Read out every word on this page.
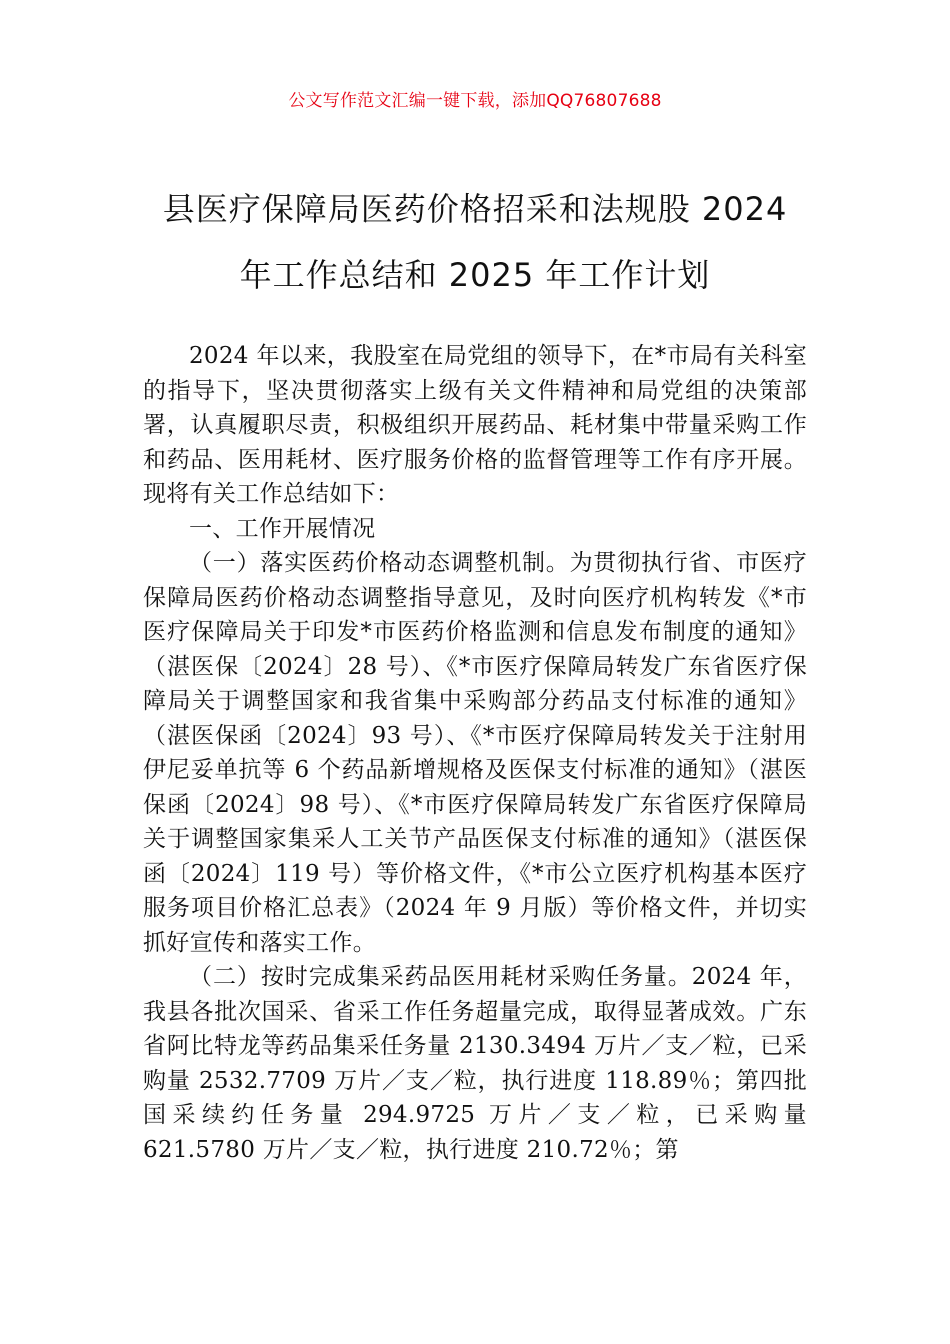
公文写作范文汇编一键下载，添加QQ76807688
县医疗保障局医药价格招采和法规股 2024
年工作总结和 2025 年工作计划

2024 年以来，我股室在局党组的领导下，在*市局有关科室的指导下，坚决贯彻落实上级有关文件精神和局党组的决策部署，认真履职尽责，积极组织开展药品、耗材集中带量采购工作和药品、医用耗材、医疗服务价格的监督管理等工作有序开展。现将有关工作总结如下：

一、工作开展情况

（一）落实医药价格动态调整机制。为贯彻执行省、市医疗保障局医药价格动态调整指导意见，及时向医疗机构转发《*市医疗保障局关于印发*市医药价格监测和信息发布制度的通知》（湛医保〔2024〕28 号）、《*市医疗保障局转发广东省医疗保障局关于调整国家和我省集中采购部分药品支付标准的通知》（湛医保函〔2024〕93 号）、《*市医疗保障局转发关于注射用伊尼妥单抗等 6 个药品新增规格及医保支付标准的通知》（湛医保函〔2024〕98 号）、《*市医疗保障局转发广东省医疗保障局关于调整国家集采人工关节产品医保支付标准的通知》（湛医保函〔2024〕119 号）等价格文件，《*市公立医疗机构基本医疗服务项目价格汇总表》（2024 年 9 月版）等价格文件，并切实抓好宣传和落实工作。

（二）按时完成集采药品医用耗材采购任务量。2024 年，我县各批次国采、省采工作任务超量完成，取得显著成效。广东省阿比特龙等药品集采任务量 2130.3494 万片／支／粒，已采购量 2532.7709 万片／支／粒，执行进度 118.89％；第四批国采续约任务量 294.9725 万片／支／粒，已采购量 621.5780 万片／支／粒，执行进度 210.72％；第
